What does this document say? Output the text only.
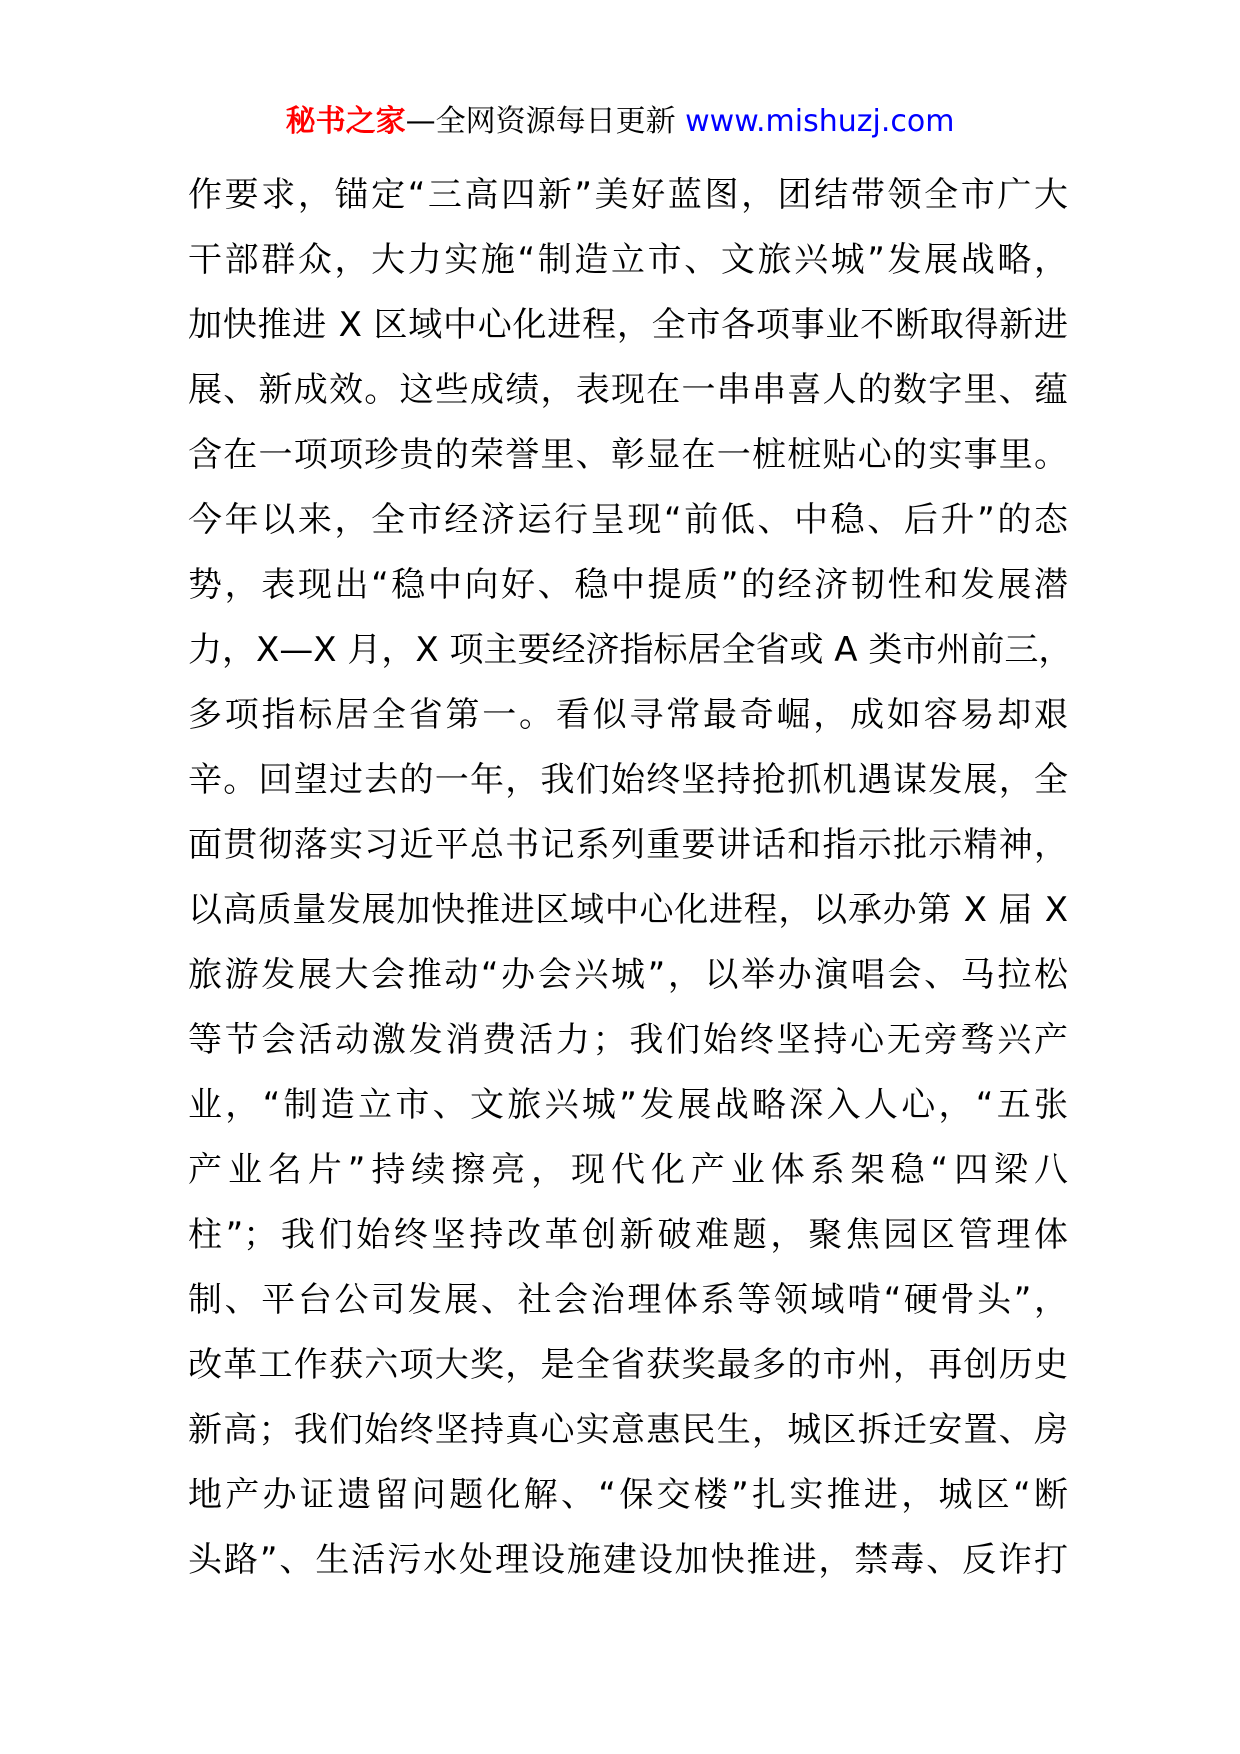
秘书之家—全网资源每日更新 www.mishuzj.com
作要求，锚定“三高四新”美好蓝图，团结带领全市广大
干部群众，大力实施“制造立市、文旅兴城”发展战略，
加快推进 X 区域中心化进程，全市各项事业不断取得新进
展、新成效。这些成绩，表现在一串串喜人的数字里、蕴
含在一项项珍贵的荣誉里、彰显在一桩桩贴心的实事里。
今年以来，全市经济运行呈现“前低、中稳、后升”的态
势，表现出“稳中向好、稳中提质”的经济韧性和发展潜
力，X—X 月，X 项主要经济指标居全省或 A 类市州前三，
多项指标居全省第一。看似寻常最奇崛，成如容易却艰
辛。回望过去的一年，我们始终坚持抢抓机遇谋发展，全
面贯彻落实习近平总书记系列重要讲话和指示批示精神，
以高质量发展加快推进区域中心化进程，以承办第 X 届 X
旅游发展大会推动“办会兴城”，以举办演唱会、马拉松
等节会活动激发消费活力；我们始终坚持心无旁骛兴产
业，“制造立市、文旅兴城”发展战略深入人心，“五张
产业名片”持续擦亮，现代化产业体系架稳“四梁八
柱”；我们始终坚持改革创新破难题，聚焦园区管理体
制、平台公司发展、社会治理体系等领域啃“硬骨头”，
改革工作获六项大奖，是全省获奖最多的市州，再创历史
新高；我们始终坚持真心实意惠民生，城区拆迁安置、房
地产办证遗留问题化解、“保交楼”扎实推进，城区“断
头路”、生活污水处理设施建设加快推进，禁毒、反诈打
